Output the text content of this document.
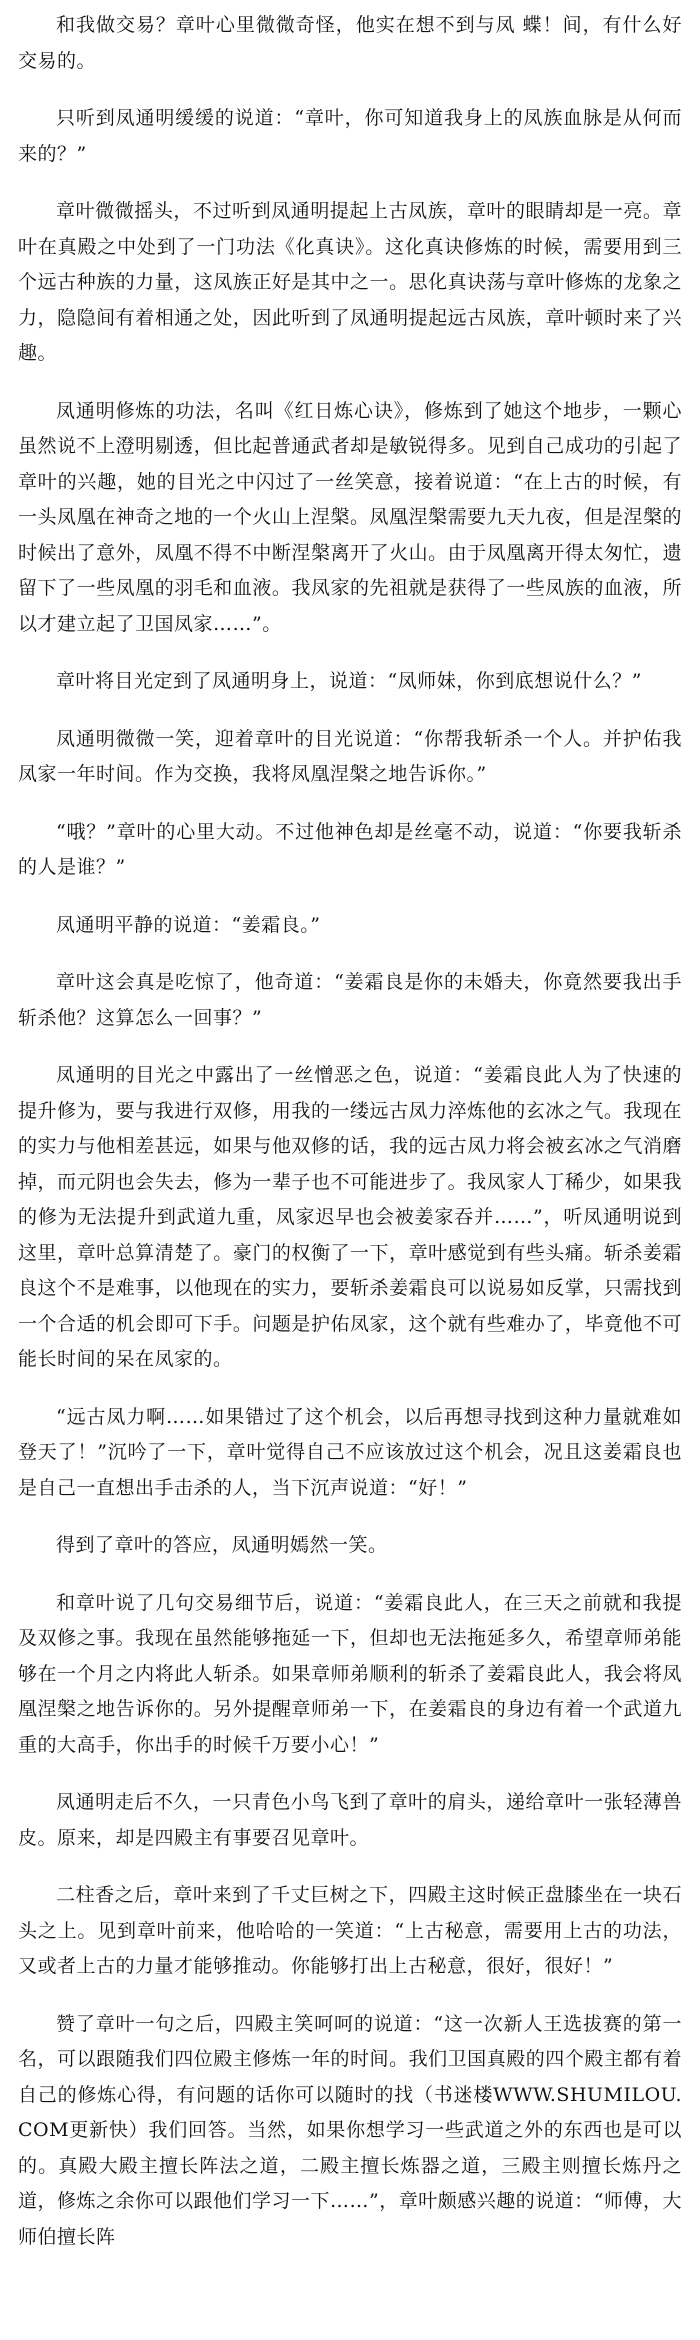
和我做交易？章叶心里微微奇怪，他实在想不到与凤 蝶！间，有什么好交易的。

只听到凤通明缓缓的说道：“章叶，你可知道我身上的凤族血脉是从何而来的？”

章叶微微摇头，不过听到凤通明提起上古凤族，章叶的眼睛却是一亮。章叶在真殿之中处到了一门功法《化真诀》。这化真诀修炼的时候，需要用到三个远古种族的力量，这凤族正好是其中之一。思化真诀荡与章叶修炼的龙象之力，隐隐间有着相通之处，因此听到了凤通明提起远古凤族，章叶顿时来了兴趣。

凤通明修炼的功法，名叫《红日炼心诀》，修炼到了她这个地步，一颗心虽然说不上澄明剔透，但比起普通武者却是敏锐得多。见到自己成功的引起了章叶的兴趣，她的目光之中闪过了一丝笑意，接着说道：“在上古的时候，有一头凤凰在神奇之地的一个火山上涅槃。凤凰涅槃需要九天九夜，但是涅槃的时候出了意外，凤凰不得不中断涅槃离开了火山。由于凤凰离开得太匆忙，遗留下了一些凤凰的羽毛和血液。我凤家的先祖就是获得了一些凤族的血液，所以才建立起了卫国凤家……”。

章叶将目光定到了凤通明身上，说道：“凤师妹，你到底想说什么？”

凤通明微微一笑，迎着章叶的目光说道：“你帮我斩杀一个人。并护佑我凤家一年时间。作为交换，我将凤凰涅槃之地告诉你。”

“哦？”章叶的心里大动。不过他神色却是丝毫不动，说道：“你要我斩杀的人是谁？”

凤通明平静的说道：“姜霜良。”

章叶这会真是吃惊了，他奇道：“姜霜良是你的未婚夫，你竟然要我出手斩杀他？这算怎么一回事？”

凤通明的目光之中露出了一丝憎恶之色，说道：“姜霜良此人为了快速的提升修为，要与我进行双修，用我的一缕远古凤力淬炼他的玄冰之气。我现在的实力与他相差甚远，如果与他双修的话，我的远古凤力将会被玄冰之气消磨掉，而元阴也会失去，修为一辈子也不可能进步了。我凤家人丁稀少，如果我的修为无法提升到武道九重，凤家迟早也会被姜家吞并……”，听凤通明说到这里，章叶总算清楚了。豪门的权衡了一下，章叶感觉到有些头痛。斩杀姜霜良这个不是难事，以他现在的实力，要斩杀姜霜良可以说易如反掌，只需找到一个合适的机会即可下手。问题是护佑凤家，这个就有些难办了，毕竟他不可能长时间的呆在凤家的。

“远古凤力啊……如果错过了这个机会，以后再想寻找到这种力量就难如登天了！”沉吟了一下，章叶觉得自己不应该放过这个机会，况且这姜霜良也是自己一直想出手击杀的人，当下沉声说道：“好！”

得到了章叶的答应，凤通明嫣然一笑。

和章叶说了几句交易细节后，说道：“姜霜良此人，在三天之前就和我提及双修之事。我现在虽然能够拖延一下，但却也无法拖延多久，希望章师弟能够在一个月之内将此人斩杀。如果章师弟顺利的斩杀了姜霜良此人，我会将凤凰涅槃之地告诉你的。另外提醒章师弟一下，在姜霜良的身边有着一个武道九重的大高手，你出手的时候千万要小心！”

凤通明走后不久，一只青色小鸟飞到了章叶的肩头，递给章叶一张轻薄兽皮。原来，却是四殿主有事要召见章叶。

二柱香之后，章叶来到了千丈巨树之下，四殿主这时候正盘膝坐在一块石头之上。见到章叶前来，他哈哈的一笑道：“上古秘意，需要用上古的功法，又或者上古的力量才能够推动。你能够打出上古秘意，很好，很好！”

赞了章叶一句之后，四殿主笑呵呵的说道：“这一次新人王选拔赛的第一名，可以跟随我们四位殿主修炼一年的时间。我们卫国真殿的四个殿主都有着自己的修炼心得，有问题的话你可以随时的找（书迷楼WWW.SHUMILOU.COM更新快）我们回答。当然，如果你想学习一些武道之外的东西也是可以的。真殿大殿主擅长阵法之道，二殿主擅长炼器之道，三殿主则擅长炼丹之道，修炼之余你可以跟他们学习一下……”，章叶颇感兴趣的说道：“师傅，大师伯擅长阵
